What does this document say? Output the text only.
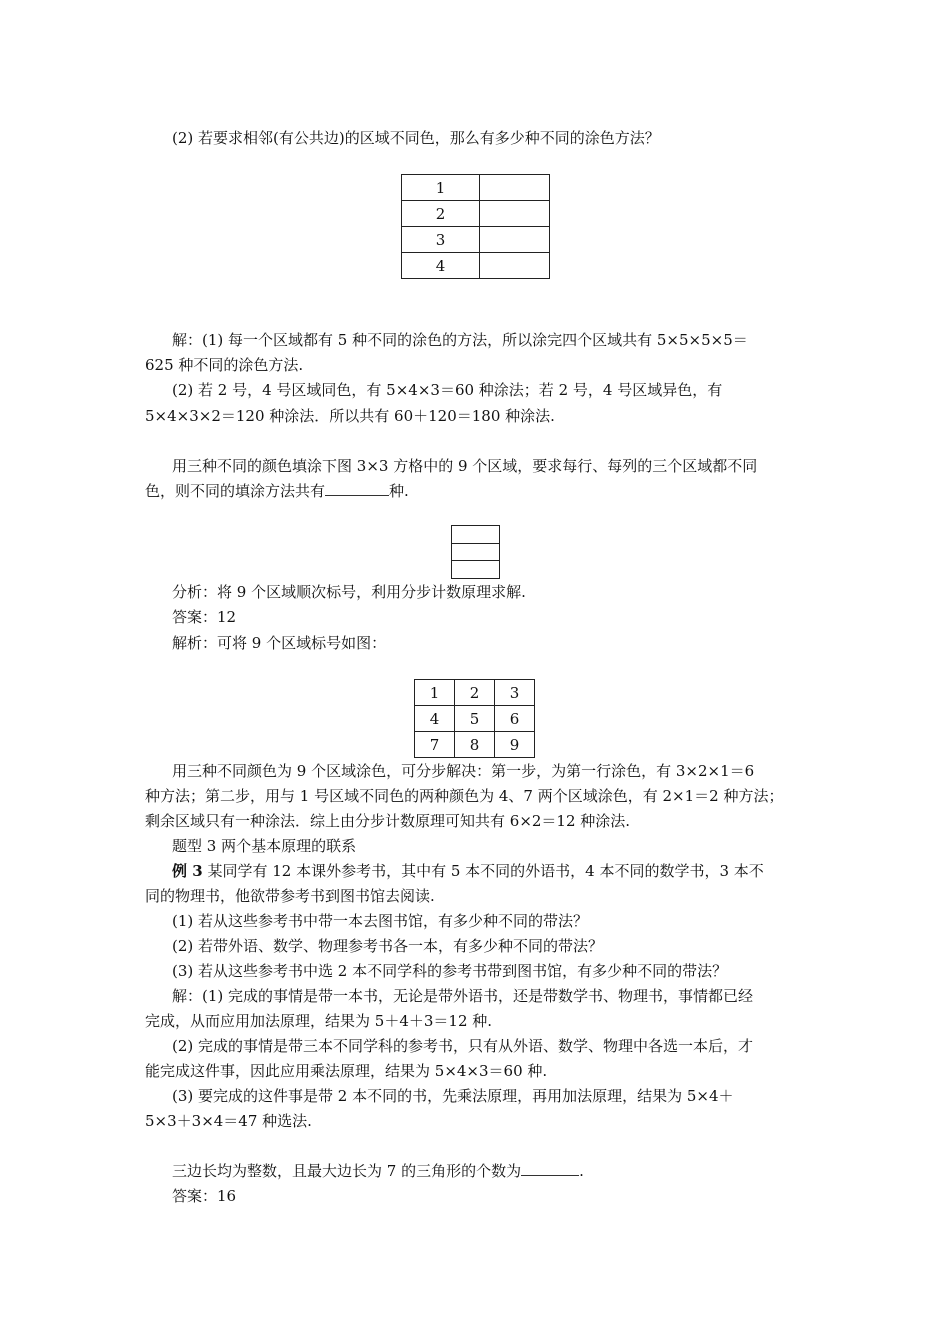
(2) 若要求相邻(有公共边)的区域不同色，那么有多少种不同的涂色方法？
1	
2	
3	
4	
解：(1) 每一个区域都有 5 种不同的涂色的方法，所以涂完四个区域共有 5×5×5×5＝
625 种不同的涂色方法.
(2) 若 2 号，4 号区域同色，有 5×4×3＝60 种涂法；若 2 号，4 号区域异色，有
5×4×3×2＝120 种涂法．所以共有 60＋120＝180 种涂法.
用三种不同的颜色填涂下图 3×3 方格中的 9 个区域，要求每行、每列的三个区域都不同
色，则不同的填涂方法共有	种.
分析：将 9 个区域顺次标号，利用分步计数原理求解.
答案：12
解析：可将 9 个区域标号如图：
1	2	3
4	5	6
7	8	9
用三种不同颜色为 9 个区域涂色，可分步解决：第一步，为第一行涂色，有 3×2×1＝6
种方法；第二步，用与 1 号区域不同色的两种颜色为 4、7 两个区域涂色，有 2×1＝2 种方法；
剩余区域只有一种涂法．综上由分步计数原理可知共有 6×2＝12 种涂法.
题型 3 两个基本原理的联系
例 3 某同学有 12 本课外参考书，其中有 5 本不同的外语书，4 本不同的数学书，3 本不
同的物理书，他欲带参考书到图书馆去阅读.
(1) 若从这些参考书中带一本去图书馆，有多少种不同的带法？
(2) 若带外语、数学、物理参考书各一本，有多少种不同的带法？
(3) 若从这些参考书中选 2 本不同学科的参考书带到图书馆，有多少种不同的带法？
解：(1) 完成的事情是带一本书，无论是带外语书，还是带数学书、物理书，事情都已经
完成，从而应用加法原理，结果为 5＋4＋3＝12 种.
(2) 完成的事情是带三本不同学科的参考书，只有从外语、数学、物理中各选一本后，才
能完成这件事，因此应用乘法原理，结果为 5×4×3＝60 种.
(3) 要完成的这件事是带 2 本不同的书，先乘法原理，再用加法原理，结果为 5×4＋
5×3＋3×4＝47 种选法.
三边长均为整数，且最大边长为 7 的三角形的个数为	.
答案：16
